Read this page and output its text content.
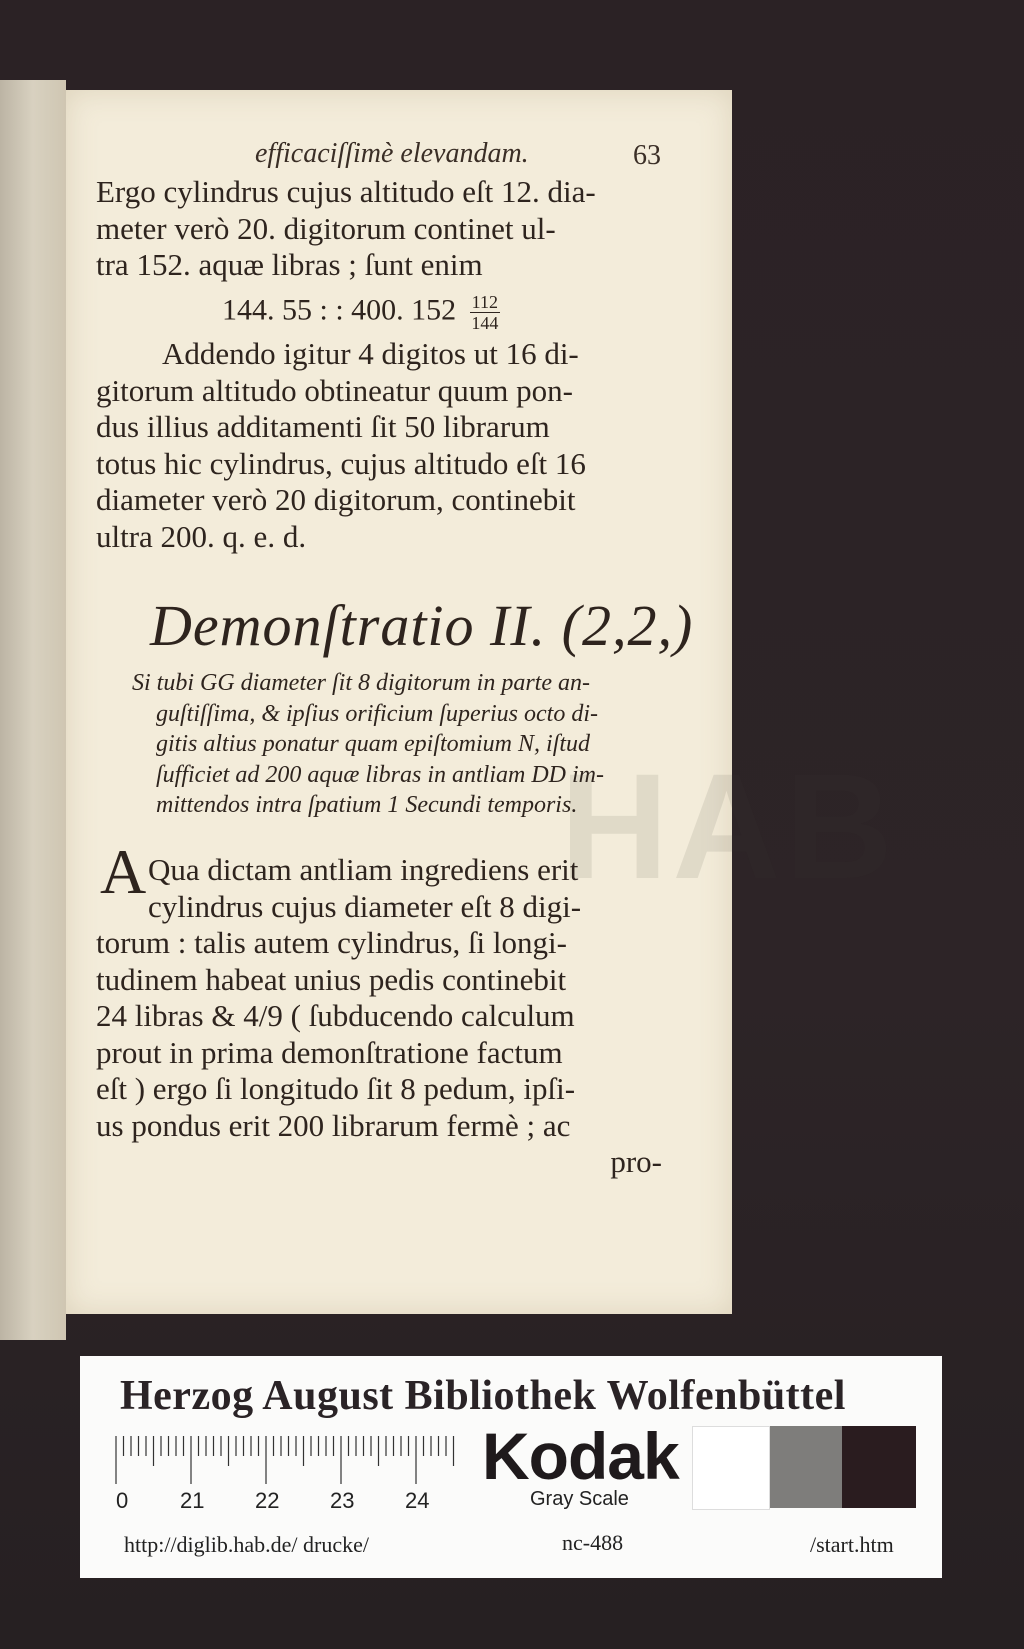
HAB
efficaciſſimè elevandam.	63
Ergo cylindrus cujus altitudo eſt 12. dia-
meter verò 20. digitorum continet ul-
tra 152. aquæ libras ; ſunt enim
144. 55 : : 400. $152 \frac{112}{144}$
Addendo igitur 4 digitos ut 16 di-
gitorum altitudo obtineatur quum pon-
dus illius additamenti ſit 50 librarum
totus hic cylindrus, cujus altitudo eſt 16
diameter verò 20 digitorum, continebit
ultra 200. q. e. d.
Demonſtratio II. (2,2,)
Si tubi GG diameter ſit 8 digitorum in parte an-
guſtiſſima, & ipſius orificium ſuperius octo di-
gitis altius ponatur quam epiſtomium N, iſtud
ſufficiet ad 200 aquæ libras in antliam DD im-
mittendos intra ſpatium 1 Secundi temporis.
A Qua dictam antliam ingrediens erit
cylindrus cujus diameter eſt 8 digi-
torum : talis autem cylindrus, ſi longi-
tudinem habeat unius pedis continebit
24 libras & 4/9 ( ſubducendo calculum
prout in prima demonſtratione factum
eſt ) ergo ſi longitudo ſit 8 pedum, ipſi-
us pondus erit 200 librarum fermè ; ac
pro-
Herzog August Bibliothek Wolfenbüttel
0 21 22 23 24
Kodak
Gray Scale
http://diglib.hab.de/ drucke/	nc-488	/start.htm
